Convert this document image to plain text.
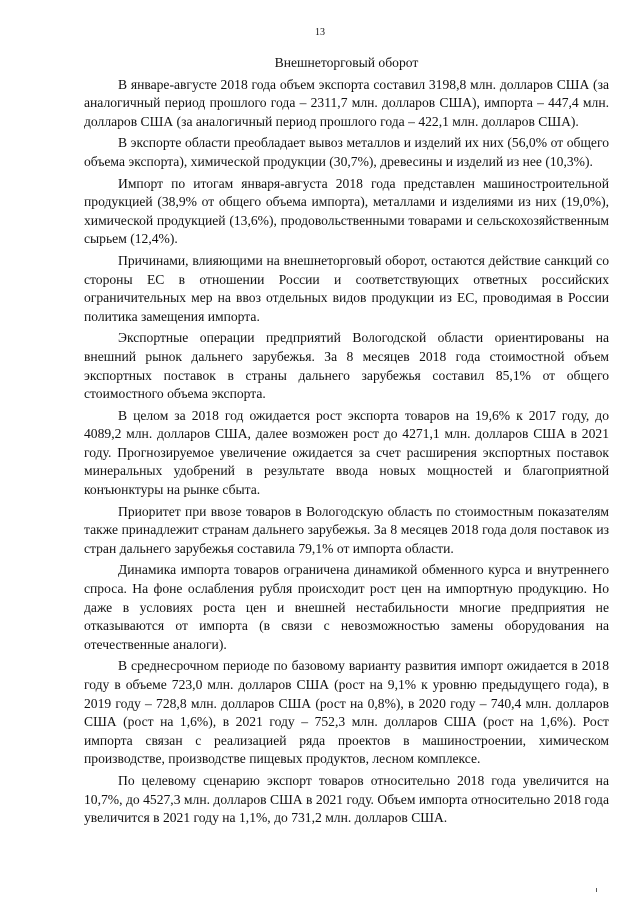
13
Внешнеторговый оборот

В январе-августе 2018 года объем экспорта составил 3198,8 млн. долларов США (за аналогичный период прошлого года – 2311,7 млн. долларов США), импорта – 447,4 млн. долларов США (за аналогичный период прошлого года – 422,1 млн. долларов США).

В экспорте области преобладает вывоз металлов и изделий их них (56,0% от общего объема экспорта), химической продукции (30,7%), древесины и изделий из нее (10,3%).

Импорт по итогам января-августа 2018 года представлен машиностроительной продукцией (38,9% от общего объема импорта), металлами и изделиями из них (19,0%), химической продукцией (13,6%), продовольственными товарами и сельскохозяйственным сырьем (12,4%).

Причинами, влияющими на внешнеторговый оборот, остаются действие санкций со стороны ЕС в отношении России и соответствующих ответных российских ограничительных мер на ввоз отдельных видов продукции из ЕС, проводимая в России политика замещения импорта.

Экспортные операции предприятий Вологодской области ориентированы на внешний рынок дальнего зарубежья. За 8 месяцев 2018 года стоимостной объем экспортных поставок в страны дальнего зарубежья составил 85,1% от общего стоимостного объема экспорта.

В целом за 2018 год ожидается рост экспорта товаров на 19,6% к 2017 году, до 4089,2 млн. долларов США, далее возможен рост до 4271,1 млн. долларов США в 2021 году. Прогнозируемое увеличение ожидается за счет расширения экспортных поставок минеральных удобрений в результате ввода новых мощностей и благоприятной конъюнктуры на рынке сбыта.

Приоритет при ввозе товаров в Вологодскую область по стоимостным показателям также принадлежит странам дальнего зарубежья. За 8 месяцев 2018 года доля поставок из стран дальнего зарубежья составила 79,1% от импорта области.

Динамика импорта товаров ограничена динамикой обменного курса и внутреннего спроса. На фоне ослабления рубля происходит рост цен на импортную продукцию. Но даже в условиях роста цен и внешней нестабильности многие предприятия не отказываются от импорта (в связи с невозможностью замены оборудования на отечественные аналоги).

В среднесрочном периоде по базовому варианту развития импорт ожидается в 2018 году в объеме 723,0 млн. долларов США (рост на 9,1% к уровню предыдущего года), в 2019 году – 728,8 млн. долларов США (рост на 0,8%), в 2020 году – 740,4 млн. долларов США (рост на 1,6%), в 2021 году – 752,3 млн. долларов США (рост на 1,6%). Рост импорта связан с реализацией ряда проектов в машиностроении, химическом производстве, производстве пищевых продуктов, лесном комплексе.

По целевому сценарию экспорт товаров относительно 2018 года увеличится на 10,7%, до 4527,3 млн. долларов США в 2021 году. Объем импорта относительно 2018 года увеличится в 2021 году на 1,1%, до 731,2 млн. долларов США.
